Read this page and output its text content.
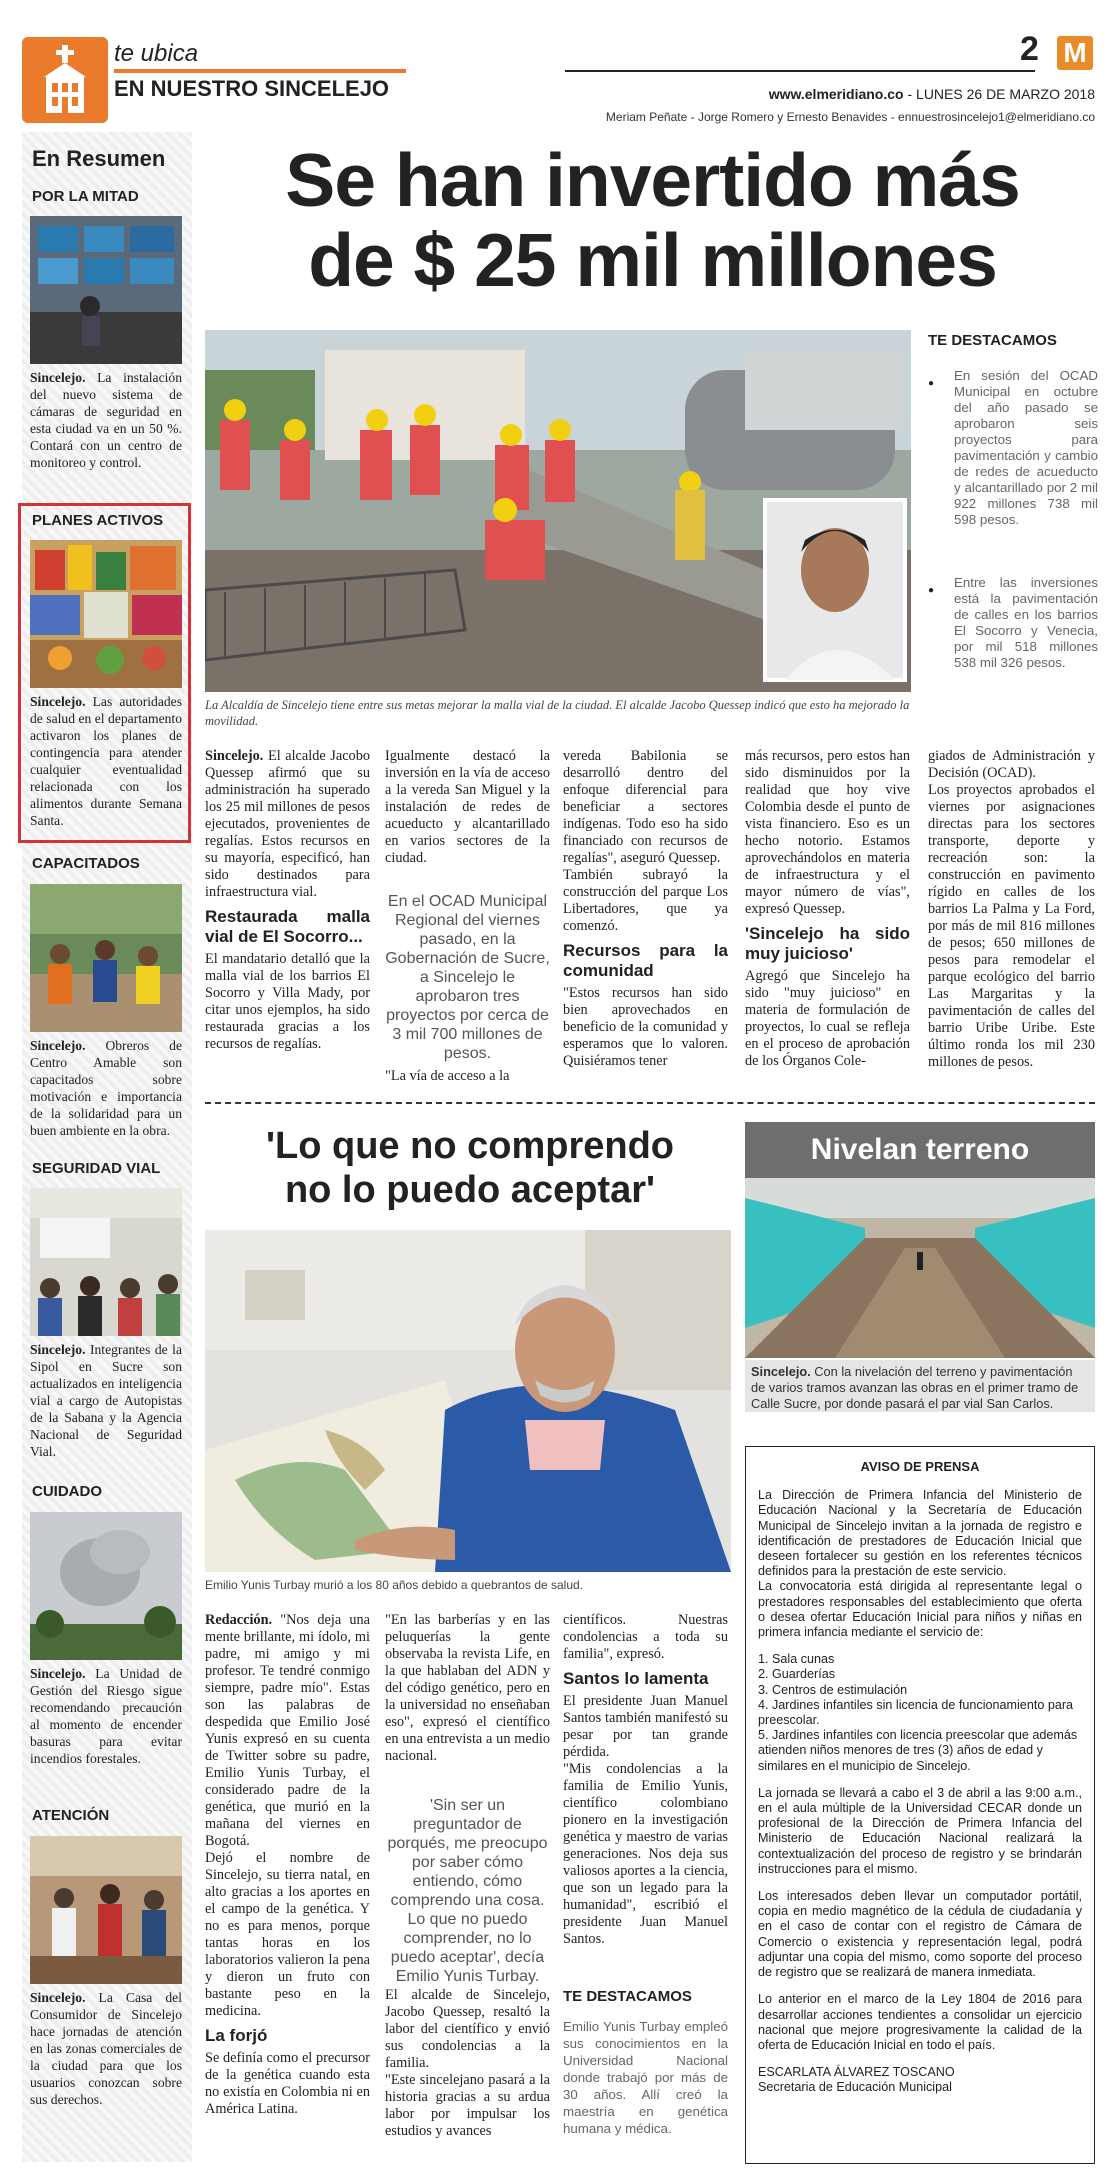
te ubica
EN NUESTRO SINCELEJO
2 M
www.elmeridiano.co - LUNES 26 DE MARZO 2018
Meriam Peñate - Jorge Romero y Ernesto Benavides - ennuestrosincelejo1@elmeridiano.co
En Resumen
POR LA MITAD
Sincelejo. La instalación del nuevo sistema de cámaras de seguridad en esta ciudad va en un 50 %. Contará con un centro de monitoreo y control.
PLANES ACTIVOS
Sincelejo. Las autoridades de salud en el departamento activaron los planes de contingencia para atender cualquier eventualidad relacionada con los alimentos durante Semana Santa.
CAPACITADOS
Sincelejo. Obreros de Centro Amable son capacitados sobre motivación e importancia de la solidaridad para un buen ambiente en la obra.
SEGURIDAD VIAL
Sincelejo. Integrantes de la Sipol en Sucre son actualizados en inteligencia vial a cargo de Autopistas de la Sabana y la Agencia Nacional de Seguridad Vial.
CUIDADO
Sincelejo. La Unidad de Gestión del Riesgo sigue recomendando precaución al momento de encender basuras para evitar incendios forestales.
ATENCIÓN
Sincelejo. La Casa del Consumidor de Sincelejo hace jornadas de atención en las zonas comerciales de la ciudad para que los usuarios conozcan sobre sus derechos.
Se han invertido más
de $ 25 mil millones
La Alcaldía de Sincelejo tiene entre sus metas mejorar la malla vial de la ciudad. El alcalde Jacobo Quessep indicó que esto ha mejorado la movilidad.
TE DESTACAMOS
● En sesión del OCAD Municipal en octubre del año pasado se aprobaron seis proyectos para pavimentación y cambio de redes de acueducto y alcantarillado por 2 mil 922 millones 738 mil 598 pesos.
● Entre las inversiones está la pavimentación de calles en los barrios El Socorro y Venecia, por mil 518 millones 538 mil 326 pesos.

Sincelejo. El alcalde Jacobo Quessep afirmó que su administración ha superado los 25 mil millones de pesos ejecutados, provenientes de regalías. Estos recursos en su mayoría, especificó, han sido destinados para infraestructura vial.

Restaurada malla vial de El Socorro...

El mandatario detalló que la malla vial de los barrios El Socorro y Villa Mady, por citar unos ejemplos, ha sido restaurada gracias a los recursos de regalías.

Igualmente destacó la inversión en la vía de acceso a la vereda San Miguel y la instalación de redes de acueducto y alcantarillado en varios sectores de la ciudad.

En el OCAD Municipal Regional del viernes pasado, en la Gobernación de Sucre, a Sincelejo le aprobaron tres proyectos por cerca de 3 mil 700 millones de pesos.

"La vía de acceso a la

vereda Babilonia se desarrolló dentro del enfoque diferencial para beneficiar a sectores indígenas. Todo eso ha sido financiado con recursos de regalías", aseguró Quessep.

También subrayó la construcción del parque Los Libertadores, que ya comenzó.

Recursos para la comunidad

"Estos recursos han sido bien aprovechados en beneficio de la comunidad y esperamos que lo valoren. Quisiéramos tener

más recursos, pero estos han sido disminuidos por la realidad que hoy vive Colombia desde el punto de vista financiero. Eso es un hecho notorio. Estamos aprovechándolos en materia de infraestructura y el mayor número de vías", expresó Quessep.

'Sincelejo ha sido muy juicioso'

Agregó que Sincelejo ha sido "muy juicioso" en materia de formulación de proyectos, lo cual se refleja en el proceso de aprobación de los Órganos Cole-

giados de Administración y Decisión (OCAD).

Los proyectos aprobados el viernes por asignaciones directas para los sectores transporte, deporte y recreación son: la construcción en pavimento rígido en calles de los barrios La Palma y La Ford, por más de mil 816 millones de pesos; 650 millones de pesos para remodelar el parque ecológico del barrio Las Margaritas y la pavimentación de calles del barrio Uribe Uribe. Este último ronda los mil 230 millones de pesos.

'Lo que no comprendo
no lo puedo aceptar'
Emilio Yunis Turbay murió a los 80 años debido a quebrantos de salud.

Redacción. "Nos deja una mente brillante, mi ídolo, mi padre, mi amigo y mi profesor. Te tendré conmigo siempre, padre mío". Estas son las palabras de despedida que Emilio José Yunis expresó en su cuenta de Twitter sobre su padre, Emilio Yunis Turbay, el considerado padre de la genética, que murió en la mañana del viernes en Bogotá.

Dejó el nombre de Sincelejo, su tierra natal, en alto gracias a los aportes en el campo de la genética. Y no es para menos, porque tantas horas en los laboratorios valieron la pena y dieron un fruto con bastante peso en la medicina.

La forjó

Se definía como el precursor de la genética cuando esta no existía en Colombia ni en América Latina.

"En las barberías y en las peluquerías la gente observaba la revista Life, en la que hablaban del ADN y del código genético, pero en la universidad no enseñaban eso", expresó el científico en una entrevista a un medio nacional.

'Sin ser un preguntador de porqués, me preocupo por saber cómo entiendo, cómo comprendo una cosa. Lo que no puedo comprender, no lo puedo aceptar', decía Emilio Yunis Turbay.

El alcalde de Sincelejo, Jacobo Quessep, resaltó la labor del científico y envió sus condolencias a la familia.

"Este sincelejano pasará a la historia gracias a su ardua labor por impulsar los estudios y avances

científicos. Nuestras condolencias a toda su familia", expresó.

Santos lo lamenta

El presidente Juan Manuel Santos también manifestó su pesar por tan grande pérdida.

"Mis condolencias a la familia de Emilio Yunis, científico colombiano pionero en la investigación genética y maestro de varias generaciones. Nos deja sus valiosos aportes a la ciencia, que son un legado para la humanidad", escribió el presidente Juan Manuel Santos.

TE DESTACAMOS
Emilio Yunis Turbay empleó sus conocimientos en la Universidad Nacional donde trabajó por más de 30 años. Allí creó la maestría en genética humana y médica.
Nivelan terreno
Sincelejo. Con la nivelación del terreno y pavimentación de varios tramos avanzan las obras en el primer tramo de Calle Sucre, por donde pasará el par vial San Carlos.
AVISO DE PRENSA

La Dirección de Primera Infancia del Ministerio de Educación Nacional y la Secretaría de Educación Municipal de Sincelejo invitan a la jornada de registro e identificación de prestadores de Educación Inicial que deseen fortalecer su gestión en los referentes técnicos definidos para la prestación de este servicio.

La convocatoria está dirigida al representante legal o prestadores responsables del establecimiento que oferta o desea ofertar Educación Inicial para niños y niñas en primera infancia mediante el servicio de:

1. Sala cunas
2. Guarderías
3. Centros de estimulación
4. Jardines infantiles sin licencia de funcionamiento para preescolar.
5. Jardines infantiles con licencia preescolar que además atienden niños menores de tres (3) años de edad y similares en el municipio de Sincelejo.

La jornada se llevará a cabo el 3 de abril a las 9:00 a.m., en el aula múltiple de la Universidad CECAR donde un profesional de la Dirección de Primera Infancia del Ministerio de Educación Nacional realizará la contextualización del proceso de registro y se brindarán instrucciones para el mismo.

Los interesados deben llevar un computador portátil, copia en medio magnético de la cédula de ciudadanía y en el caso de contar con el registro de Cámara de Comercio o existencia y representación legal, podrá adjuntar una copia del mismo, como soporte del proceso de registro que se realizará de manera inmediata.

Lo anterior en el marco de la Ley 1804 de 2016 para desarrollar acciones tendientes a consolidar un ejercicio nacional que mejore progresivamente la calidad de la oferta de Educación Inicial en todo el país.

ESCARLATA ÁLVAREZ TOSCANO
Secretaria de Educación Municipal
